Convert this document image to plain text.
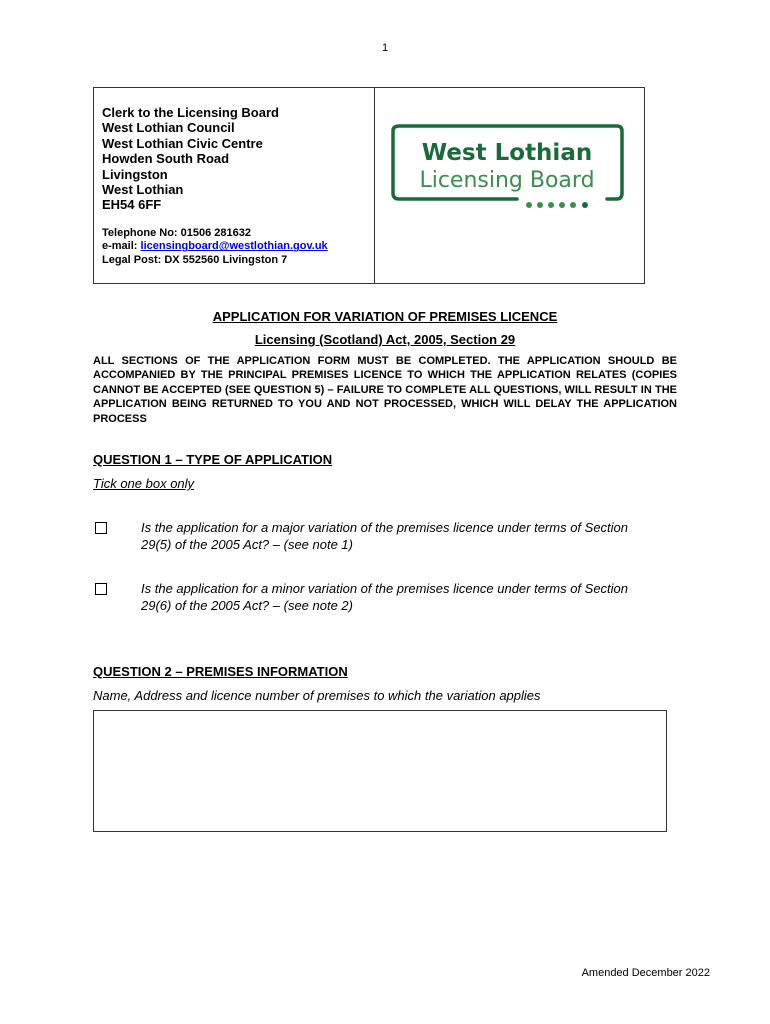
1
Clerk to the Licensing Board
West Lothian Council
West Lothian Civic Centre
Howden South Road
Livingston
West Lothian
EH54 6FF
Telephone No: 01506 281632
e-mail: licensingboard@westlothian.gov.uk
Legal Post: DX 552560 Livingston 7
West Lothian
Licensing Board
APPLICATION FOR VARIATION OF PREMISES LICENCE
Licensing (Scotland) Act, 2005, Section 29
ALL SECTIONS OF THE APPLICATION FORM MUST BE COMPLETED. THE APPLICATION SHOULD BE ACCOMPANIED BY THE PRINCIPAL PREMISES LICENCE TO WHICH THE APPLICATION RELATES (COPIES CANNOT BE ACCEPTED (SEE QUESTION 5) – FAILURE TO COMPLETE ALL QUESTIONS, WILL RESULT IN THE APPLICATION BEING RETURNED TO YOU AND NOT PROCESSED, WHICH WILL DELAY THE APPLICATION PROCESS
QUESTION 1 – TYPE OF APPLICATION
Tick one box only
Is the application for a major variation of the premises licence under terms of Section 29(5) of the 2005 Act? – (see note 1)
Is the application for a minor variation of the premises licence under terms of Section 29(6) of the 2005 Act? – (see note 2)
QUESTION 2 – PREMISES INFORMATION
Name, Address and licence number of premises to which the variation applies
Amended December 2022
